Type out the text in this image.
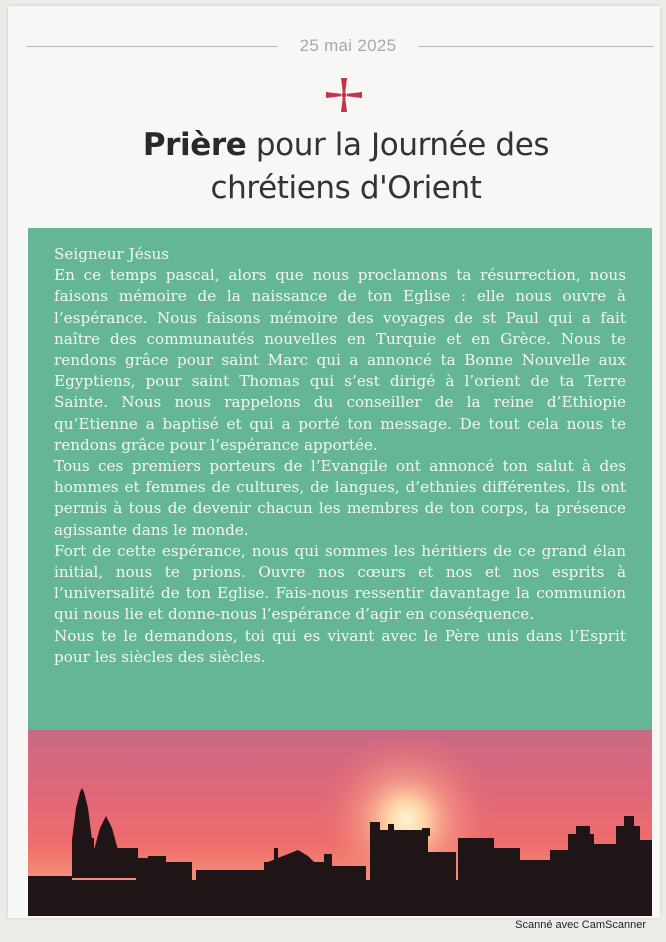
25 mai 2025
Prière pour la Journée des
chrétiens d'Orient

Seigneur Jésus

En ce temps pascal, alors que nous proclamons ta résurrection, nous faisons mémoire de la naissance de ton Eglise : elle nous ouvre à l’espérance. Nous faisons mémoire des voyages de st Paul qui a fait naître des communautés nouvelles en Turquie et en Grèce. Nous te rendons grâce pour saint Marc qui a annoncé ta Bonne Nouvelle aux Egyptiens, pour saint Thomas qui s’est dirigé à l’orient de ta Terre Sainte. Nous nous rappelons du conseiller de la reine d’Ethiopie qu’Etienne a baptisé et qui a porté ton message. De tout cela nous te rendons grâce pour l’espérance apportée.

Tous ces premiers porteurs de l’Evangile ont annoncé ton salut à des hommes et femmes de cultures, de langues, d’ethnies différentes. Ils ont permis à tous de devenir chacun les membres de ton corps, ta présence agissante dans le monde.

Fort de cette espérance, nous qui sommes les héritiers de ce grand élan initial, nous te prions. Ouvre nos cœurs et nos et nos esprits à l’universalité de ton Eglise. Fais-nous ressentir davantage la communion qui nous lie et donne-nous l’espérance d’agir en conséquence.

Nous te le demandons, toi qui es vivant avec le Père unis dans l’Esprit pour les siècles des siècles.

Scanné avec CamScanner
